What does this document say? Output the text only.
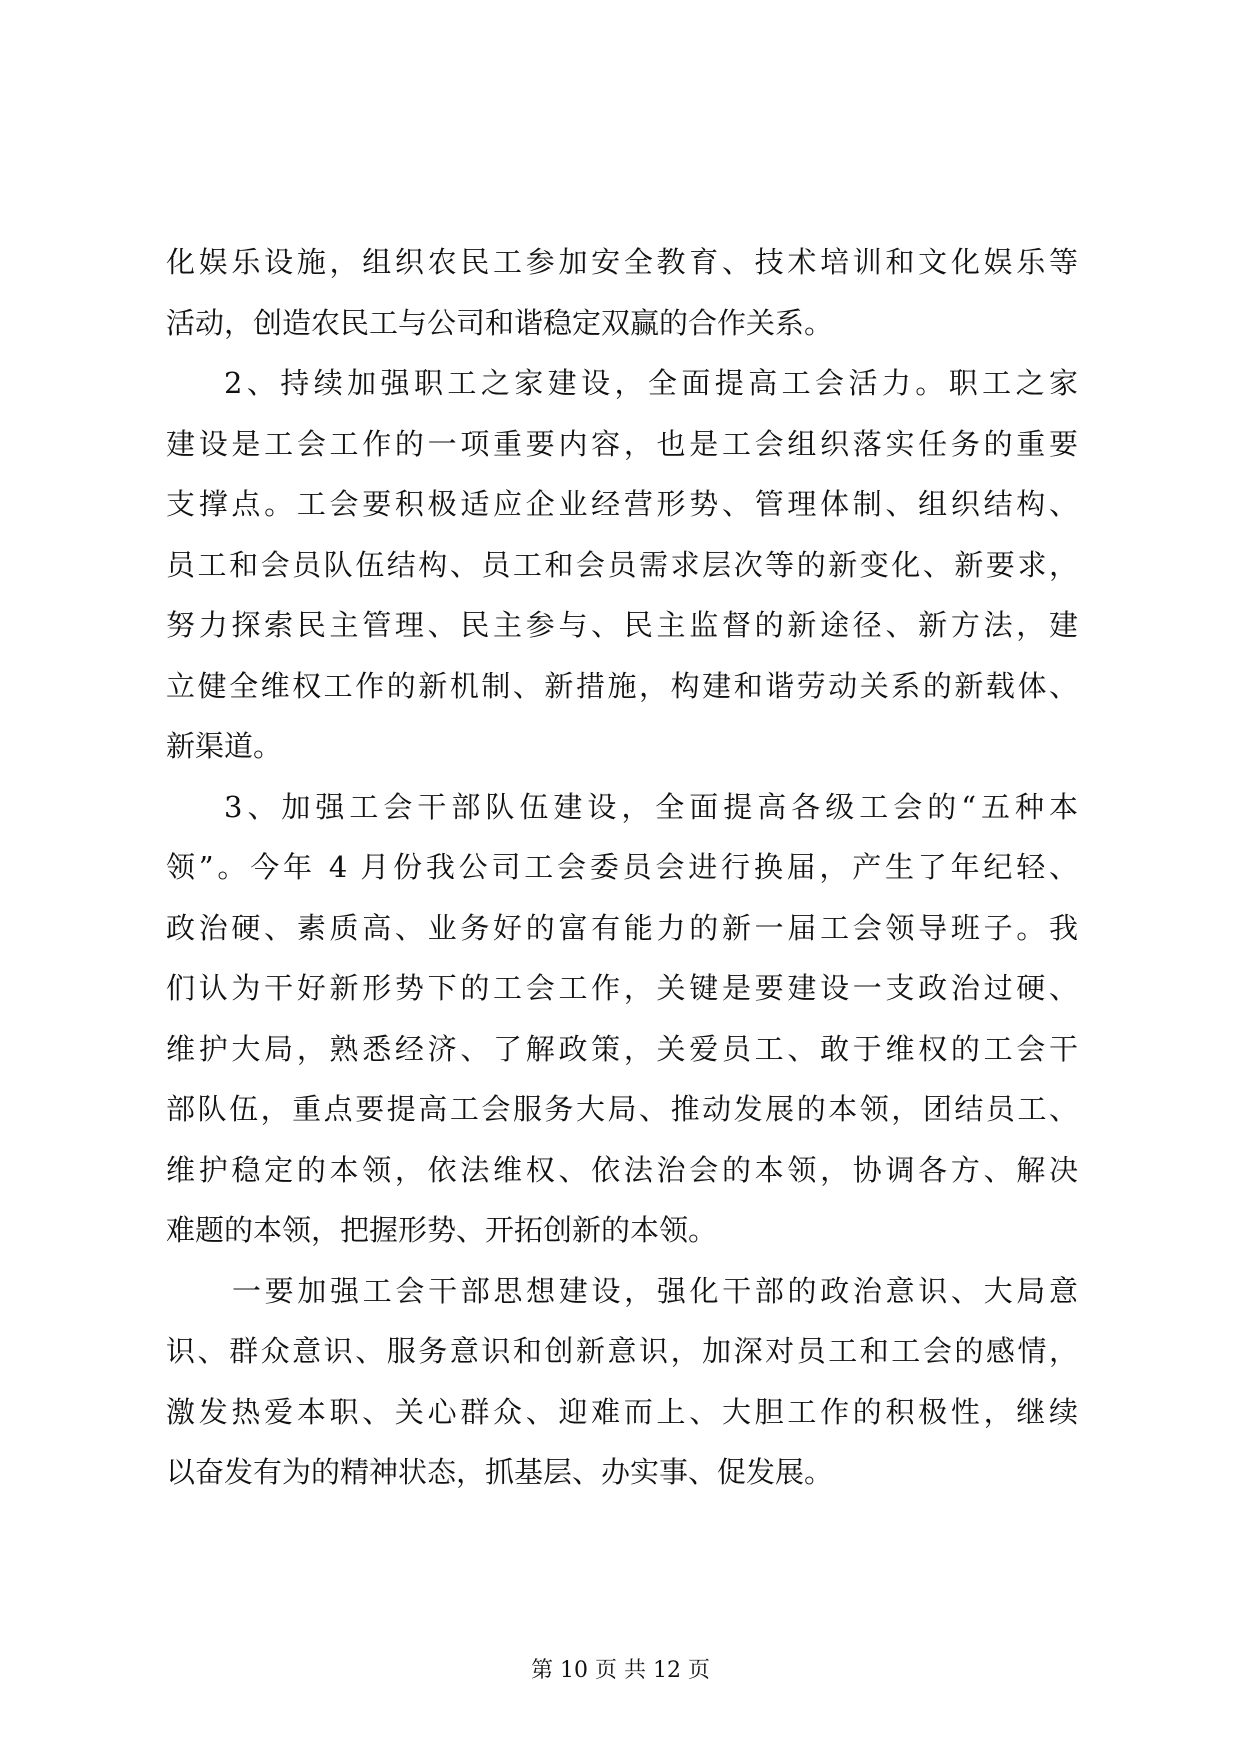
化娱乐设施，组织农民工参加安全教育、技术培训和文化娱乐等
活动，创造农民工与公司和谐稳定双赢的合作关系。
2、持续加强职工之家建设，全面提高工会活力。职工之家
建设是工会工作的一项重要内容，也是工会组织落实任务的重要
支撑点。工会要积极适应企业经营形势、管理体制、组织结构、
员工和会员队伍结构、员工和会员需求层次等的新变化、新要求，
努力探索民主管理、民主参与、民主监督的新途径、新方法，建
立健全维权工作的新机制、新措施，构建和谐劳动关系的新载体、
新渠道。
3、加强工会干部队伍建设，全面提高各级工会的“五种本
领”。今年 4 月份我公司工会委员会进行换届，产生了年纪轻、
政治硬、素质高、业务好的富有能力的新一届工会领导班子。我
们认为干好新形势下的工会工作，关键是要建设一支政治过硬、
维护大局，熟悉经济、了解政策，关爱员工、敢于维权的工会干
部队伍，重点要提高工会服务大局、推动发展的本领，团结员工、
维护稳定的本领，依法维权、依法治会的本领，协调各方、解决
难题的本领，把握形势、开拓创新的本领。
一要加强工会干部思想建设，强化干部的政治意识、大局意
识、群众意识、服务意识和创新意识，加深对员工和工会的感情，
激发热爱本职、关心群众、迎难而上、大胆工作的积极性，继续
以奋发有为的精神状态，抓基层、办实事、促发展。
第 10 页 共 12 页
